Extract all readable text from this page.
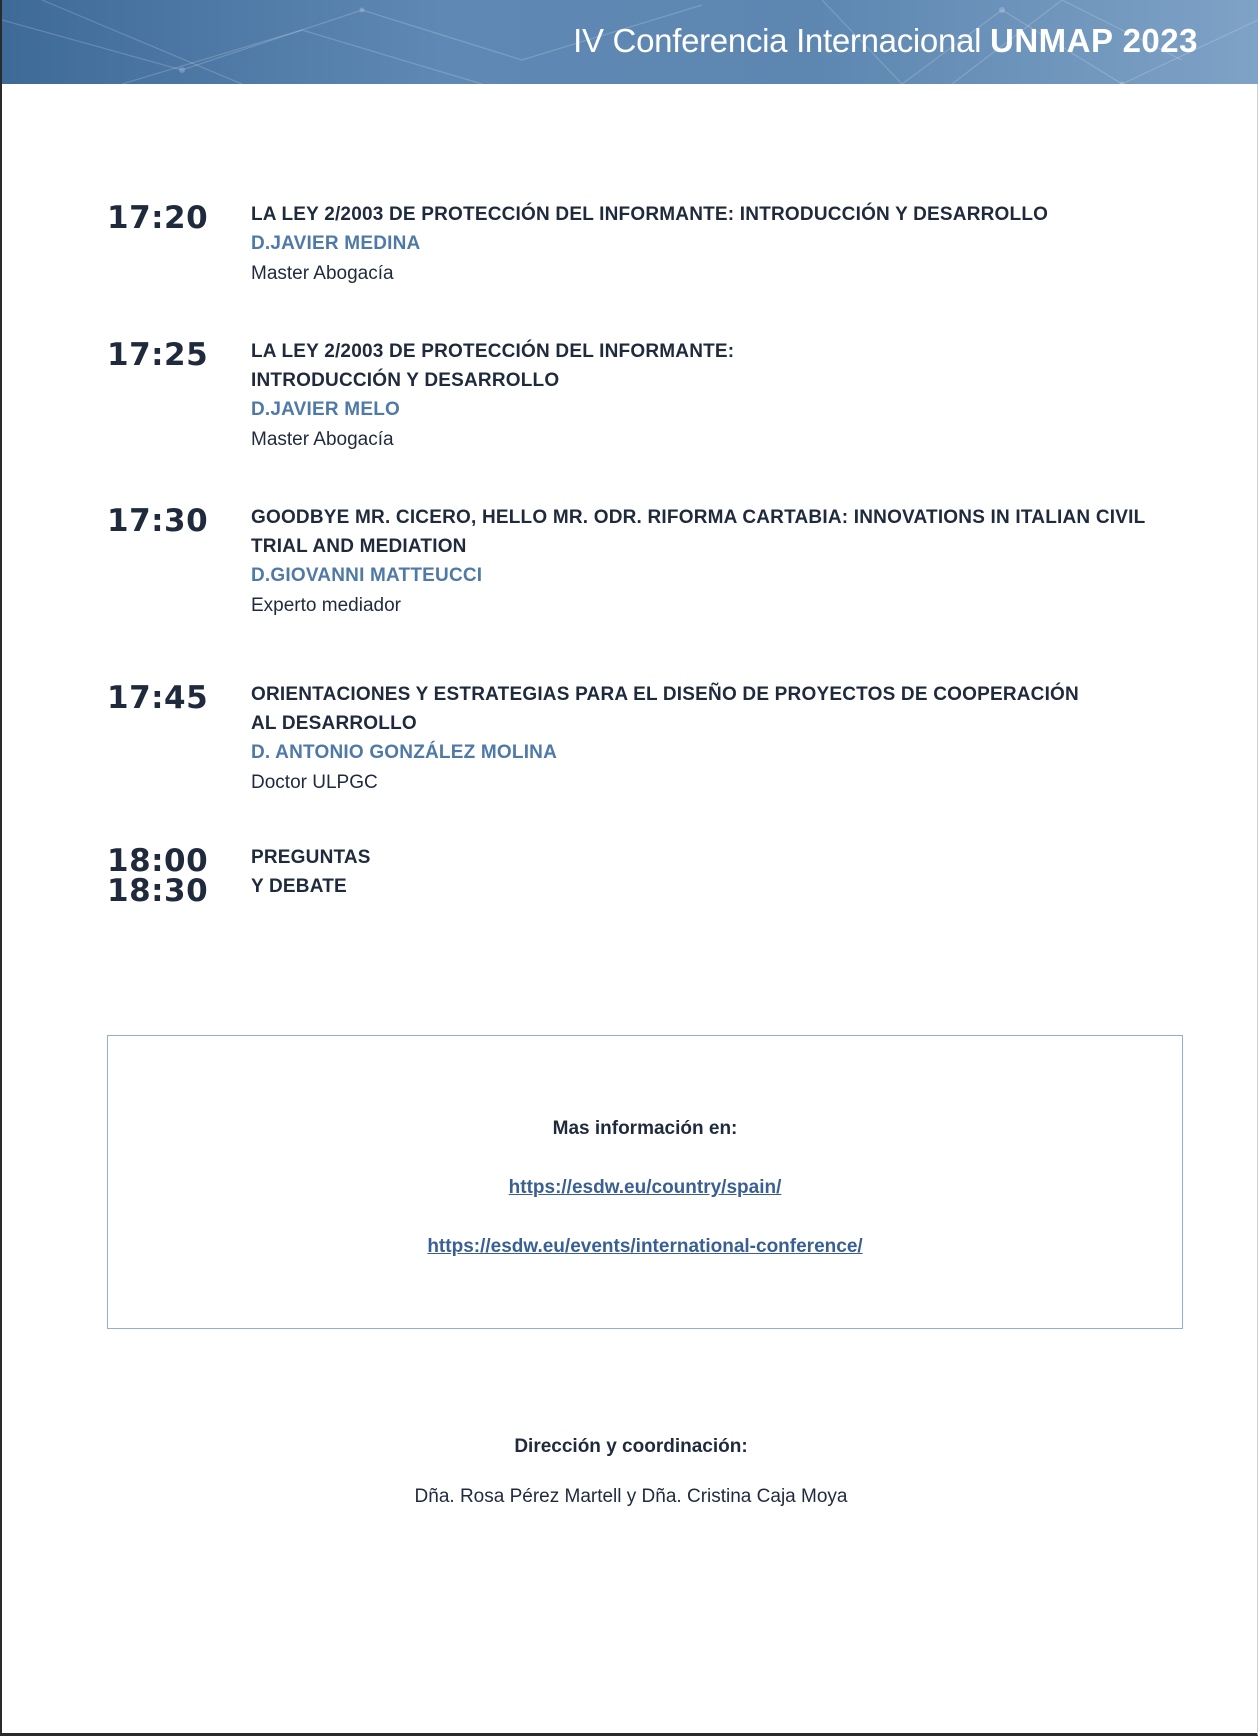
IV Conferencia Internacional UNMAP 2023
17:20 LA LEY 2/2003 DE PROTECCIÓN DEL INFORMANTE: INTRODUCCIÓN Y DESARROLLO
D.JAVIER MEDINA
Master Abogacía
17:25 LA LEY 2/2003 DE PROTECCIÓN DEL INFORMANTE:
INTRODUCCIÓN Y DESARROLLO
D.JAVIER MELO
Master Abogacía
17:30 GOODBYE MR. CICERO, HELLO MR. ODR. RIFORMA CARTABIA: INNOVATIONS IN ITALIAN CIVIL
TRIAL AND MEDIATION
D.GIOVANNI MATTEUCCI
Experto mediador
17:45 ORIENTACIONES Y ESTRATEGIAS PARA EL DISEÑO DE PROYECTOS DE COOPERACIÓN
AL DESARROLLO
D. ANTONIO GONZÁLEZ MOLINA
Doctor ULPGC
18:00
18:30
PREGUNTAS
Y DEBATE
Mas información en:
https://esdw.eu/country/spain/
https://esdw.eu/events/international-conference/
Dirección y coordinación:
Dña. Rosa Pérez Martell y Dña. Cristina Caja Moya
